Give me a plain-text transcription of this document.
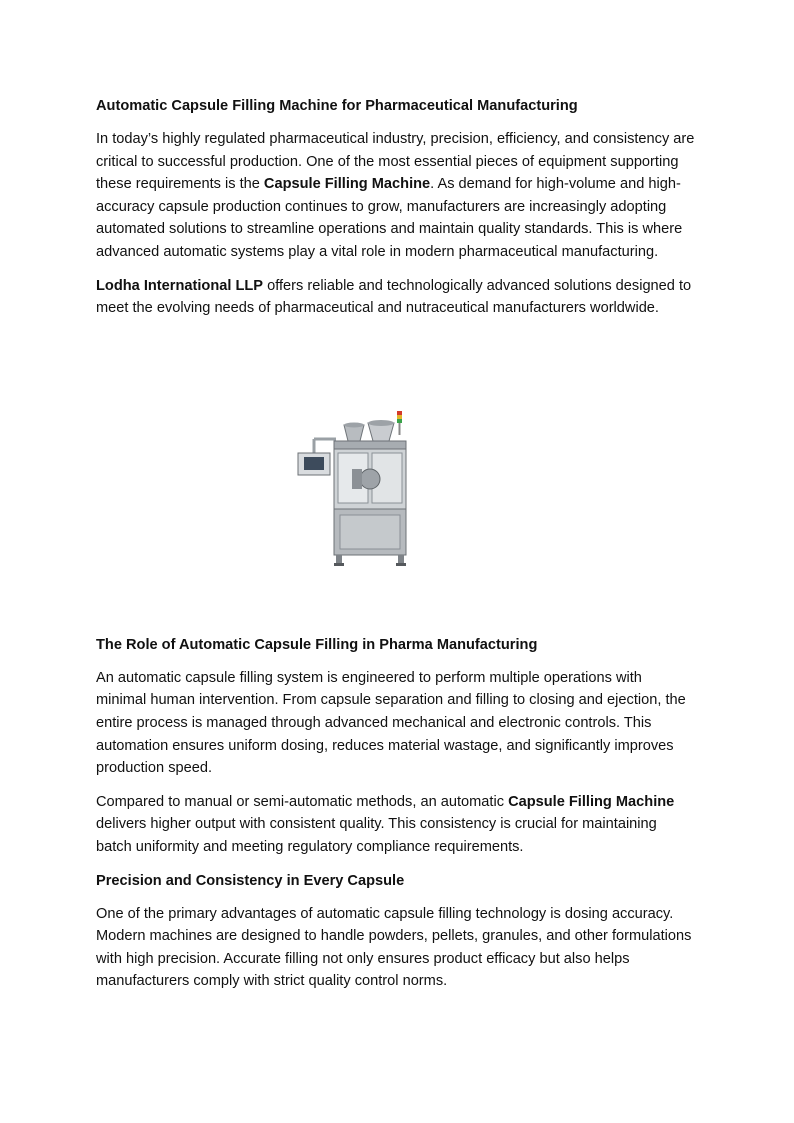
Automatic Capsule Filling Machine for Pharmaceutical Manufacturing

In today’s highly regulated pharmaceutical industry, precision, efficiency, and consistency are critical to successful production. One of the most essential pieces of equipment supporting these requirements is the Capsule Filling Machine. As demand for high-volume and high-accuracy capsule production continues to grow, manufacturers are increasingly adopting automated solutions to streamline operations and maintain quality standards. This is where advanced automatic systems play a vital role in modern pharmaceutical manufacturing.

Lodha International LLP offers reliable and technologically advanced solutions designed to meet the evolving needs of pharmaceutical and nutraceutical manufacturers worldwide.

The Role of Automatic Capsule Filling in Pharma Manufacturing

An automatic capsule filling system is engineered to perform multiple operations with minimal human intervention. From capsule separation and filling to closing and ejection, the entire process is managed through advanced mechanical and electronic controls. This automation ensures uniform dosing, reduces material wastage, and significantly improves production speed.

Compared to manual or semi-automatic methods, an automatic Capsule Filling Machine delivers higher output with consistent quality. This consistency is crucial for maintaining batch uniformity and meeting regulatory compliance requirements.

Precision and Consistency in Every Capsule

One of the primary advantages of automatic capsule filling technology is dosing accuracy. Modern machines are designed to handle powders, pellets, granules, and other formulations with high precision. Accurate filling not only ensures product efficacy but also helps manufacturers comply with strict quality control norms.
